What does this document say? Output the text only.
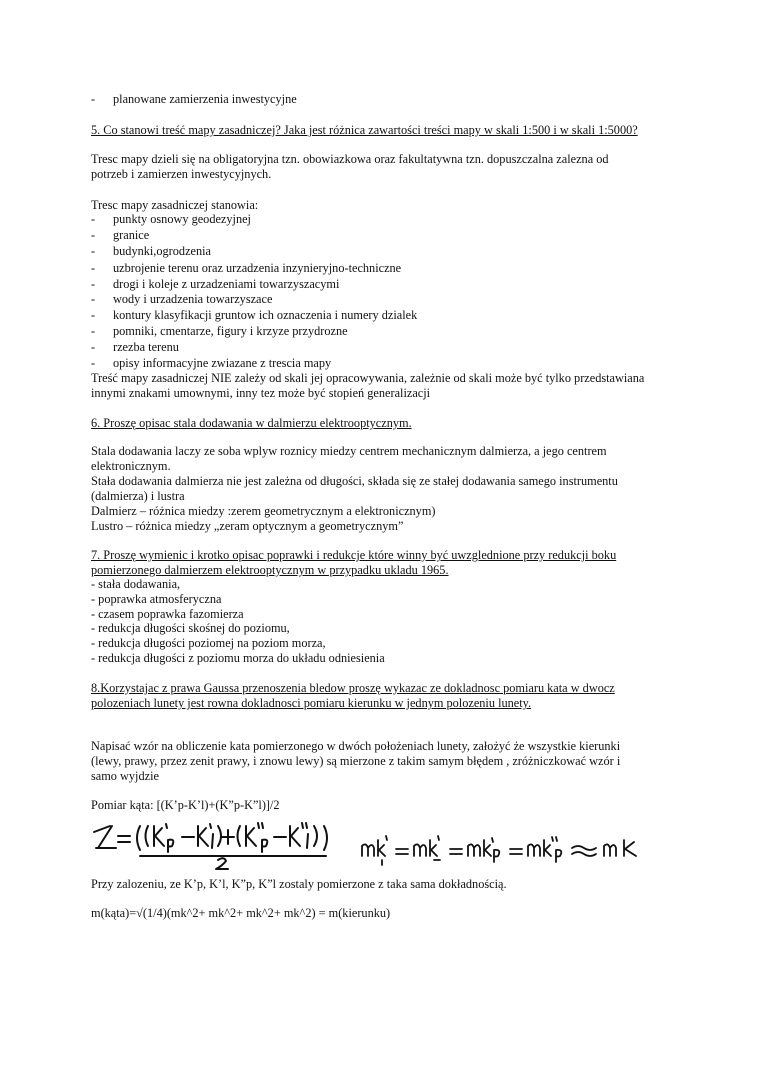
- planowane zamierzenia inwestycyjne
5. Co stanowi treść mapy zasadniczej? Jaka jest różnica zawartości treści mapy w skali 1:500 i w skali 1:5000?
Tresc mapy dzieli się na obligatoryjna tzn. obowiazkowa oraz fakultatywna tzn. dopuszczalna zalezna od
potrzeb i zamierzen inwestycyjnych.
Tresc mapy zasadniczej stanowia:
- punkty osnowy geodezyjnej
- granice
- budynki,ogrodzenia
- uzbrojenie terenu oraz urzadzenia inzynieryjno-techniczne
- drogi i koleje z urzadzeniami towarzyszacymi
- wody i urzadzenia towarzyszace
- kontury klasyfikacji gruntow ich oznaczenia i numery dzialek
- pomniki, cmentarze, figury i krzyze przydrozne
- rzezba terenu
- opisy informacyjne zwiazane z trescia mapy
Treść mapy zasadniczej NIE zależy od skali jej opracowywania, zależnie od skali może być tylko przedstawiana
innymi znakami umownymi, inny tez może być stopień generalizacji
6. Proszę opisac stala dodawania w dalmierzu elektrooptycznym.
Stala dodawania laczy ze soba wplyw roznicy miedzy centrem mechanicznym dalmierza, a jego centrem
elektronicznym.
Stała dodawania dalmierza nie jest zależna od długości, składa się ze stałej dodawania samego instrumentu
(dalmierza) i lustra
Dalmierz – różnica miedzy :zerem geometrycznym a elektronicznym)
Lustro – różnica miedzy „zeram optycznym a geometrycznym”
7. Proszę wymienic i krotko opisac poprawki i redukcje które winny być uwzglednione przy redukcji boku
pomierzonego dalmierzem elektrooptycznym w przypadku ukladu 1965.
- stała dodawania,
- poprawka atmosferyczna
- czasem poprawka fazomierza
- redukcja długości skośnej do poziomu,
- redukcja długości poziomej na poziom morza,
- redukcja długości z poziomu morza do układu odniesienia
8.Korzystajac z prawa Gaussa przenoszenia bledow proszę wykazac ze dokladnosc pomiaru kata w dwocz
polozeniach lunety jest rowna dokladnosci pomiaru kierunku w jednym polozeniu lunety.
Napisać wzór na obliczenie kata pomierzonego w dwóch położeniach lunety, założyć że wszystkie kierunki
(lewy, prawy, przez zenit prawy, i znowu lewy) są mierzone z takim samym błędem , zróżniczkować wzór i
samo wyjdzie
Pomiar kąta: [(K’p-K’l)+(K”p-K”l)]/2
Przy zalozeniu, ze K’p, K’l, K”p, K”l zostaly pomierzone z taka sama dokładnością.
m(kąta)=√(1/4)(mk^2+ mk^2+ mk^2+ mk^2) = m(kierunku)
